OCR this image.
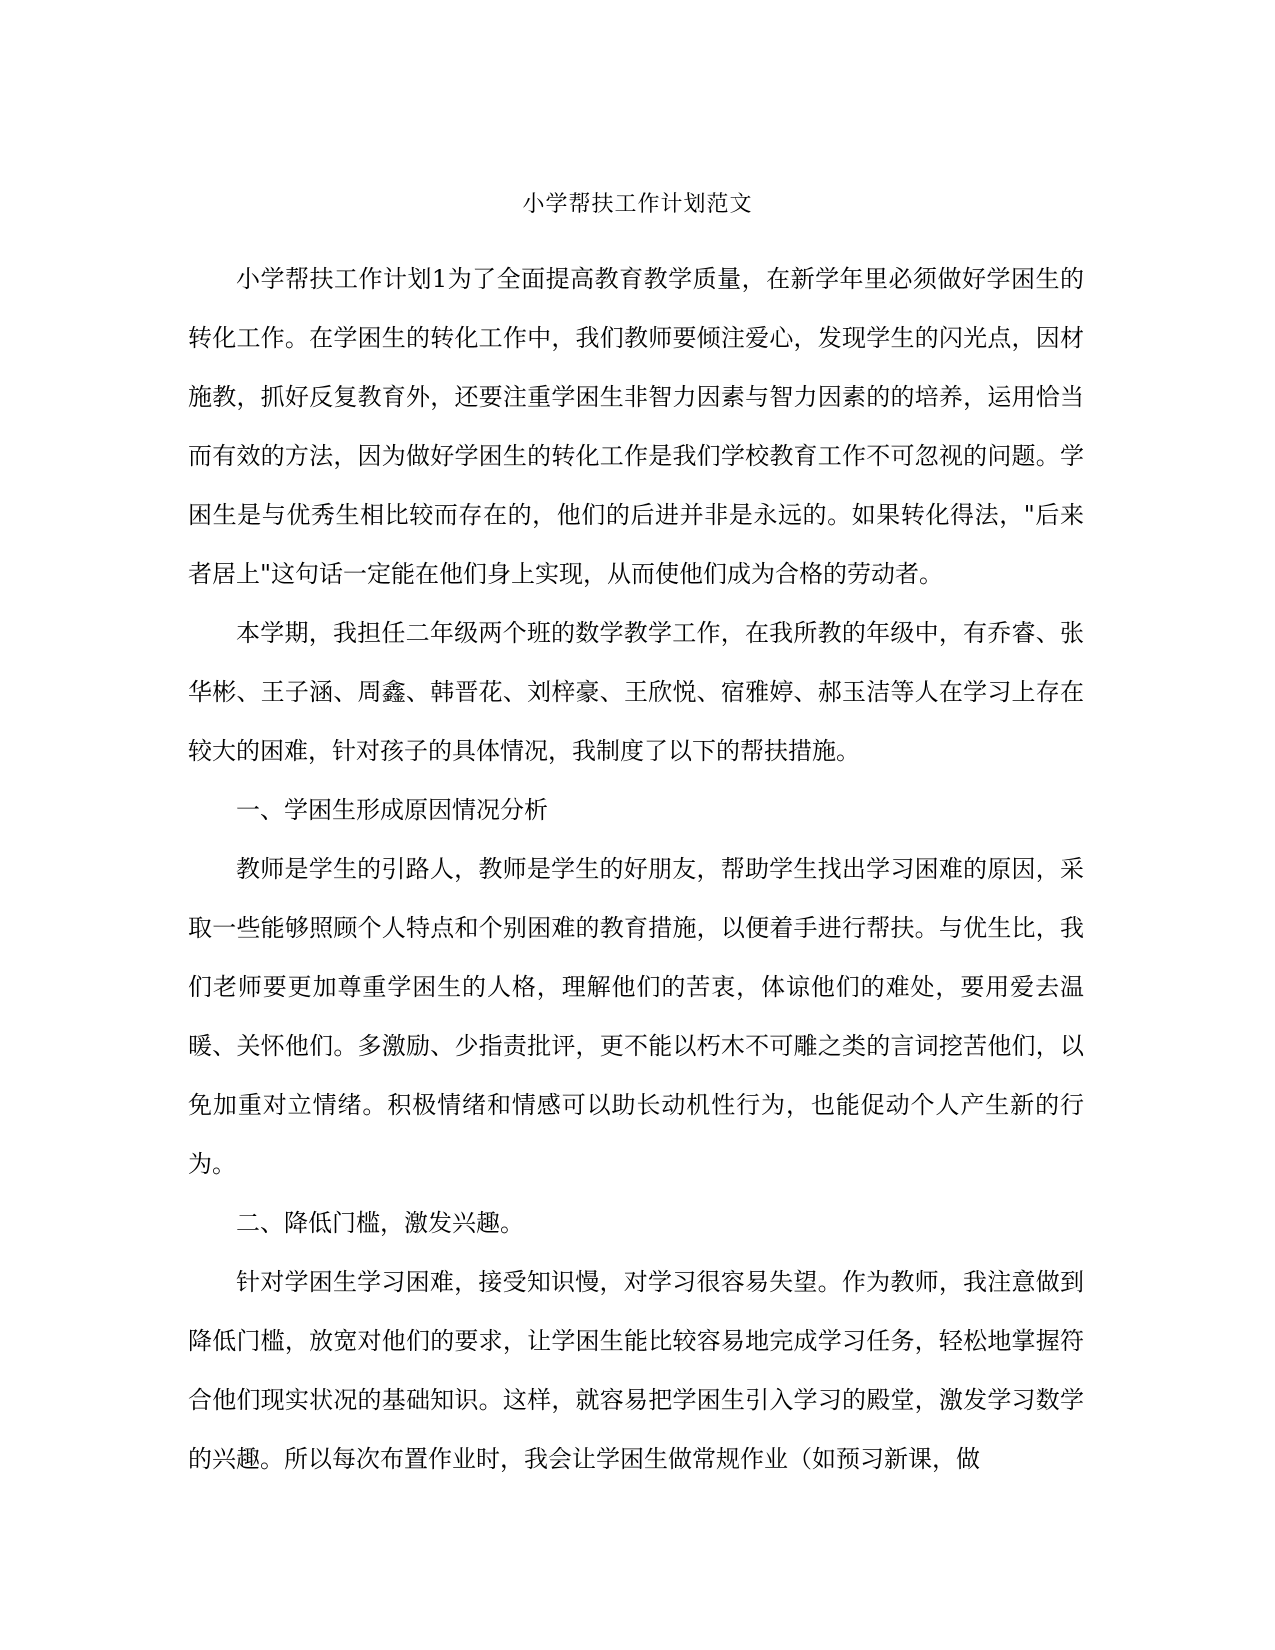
小学帮扶工作计划范文

小学帮扶工作计划1为了全面提高教育教学质量，在新学年里必须做好学困生的转化工作。在学困生的转化工作中，我们教师要倾注爱心，发现学生的闪光点，因材施教，抓好反复教育外，还要注重学困生非智力因素与智力因素的的培养，运用恰当而有效的方法，因为做好学困生的转化工作是我们学校教育工作不可忽视的问题。学困生是与优秀生相比较而存在的，他们的后进并非是永远的。如果转化得法，"后来者居上"这句话一定能在他们身上实现，从而使他们成为合格的劳动者。

本学期，我担任二年级两个班的数学教学工作，在我所教的年级中，有乔睿、张华彬、王子涵、周鑫、韩晋花、刘梓豪、王欣悦、宿雅婷、郝玉洁等人在学习上存在较大的困难，针对孩子的具体情况，我制度了以下的帮扶措施。

一、学困生形成原因情况分析

教师是学生的引路人，教师是学生的好朋友，帮助学生找出学习困难的原因，采取一些能够照顾个人特点和个别困难的教育措施，以便着手进行帮扶。与优生比，我们老师要更加尊重学困生的人格，理解他们的苦衷，体谅他们的难处，要用爱去温暖、关怀他们。多激励、少指责批评，更不能以朽木不可雕之类的言词挖苦他们，以免加重对立情绪。积极情绪和情感可以助长动机性行为，也能促动个人产生新的行为。

二、降低门槛，激发兴趣。

针对学困生学习困难，接受知识慢，对学习很容易失望。作为教师，我注意做到降低门槛，放宽对他们的要求，让学困生能比较容易地完成学习任务，轻松地掌握符合他们现实状况的基础知识。这样，就容易把学困生引入学习的殿堂，激发学习数学的兴趣。所以每次布置作业时，我会让学困生做常规作业（如预习新课，做
